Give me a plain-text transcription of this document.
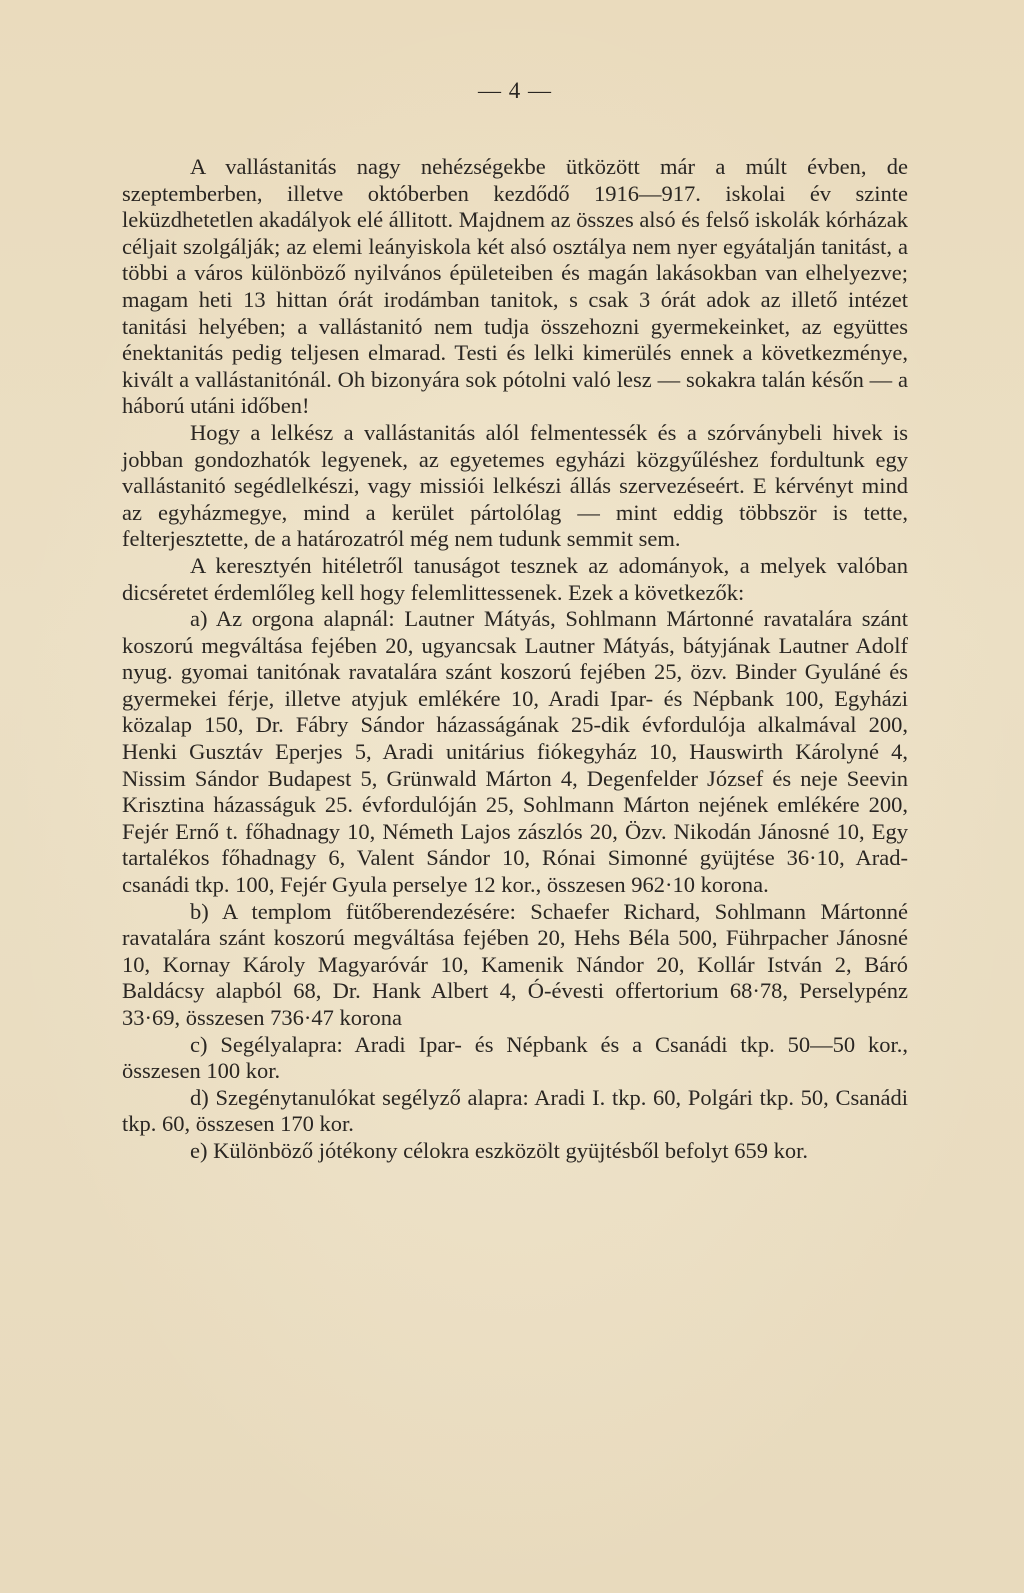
— 4 —

A vallástanitás nagy nehézségekbe ütközött már a múlt évben, de szeptemberben, illetve októberben kezdődő 1916—917. iskolai év szinte leküzdhetetlen akadályok elé állitott. Majdnem az összes alsó és felső iskolák kórházak céljait szolgálják; az elemi leányiskola két alsó osztálya nem nyer egyátalján tanitást, a többi a város különböző nyilvános épületeiben és magán lakásokban van elhelyezve; magam heti 13 hittan órát irodámban tanitok, s csak 3 órát adok az illető intézet tanitási helyében; a vallástanitó nem tudja összehozni gyermekeinket, az együttes énektanitás pedig teljesen elmarad. Testi és lelki kimerülés ennek a következménye, kivált a vallástanitónál. Oh bizonyára sok pótolni való lesz — sokakra talán későn — a háború utáni időben!

Hogy a lelkész a vallástanitás alól felmentessék és a szórványbeli hivek is jobban gondozhatók legyenek, az egyetemes egyházi közgyűléshez fordultunk egy vallástanitó segédlelkészi, vagy missiói lelkészi állás szervezéseért. E kérvényt mind az egyházmegye, mind a kerület pártolólag — mint eddig többször is tette, felterjesztette, de a határozatról még nem tudunk semmit sem.

A keresztyén hitéletről tanuságot tesznek az adományok, a melyek valóban dicséretet érdemlőleg kell hogy felemlittessenek. Ezek a következők:

a) Az orgona alapnál: Lautner Mátyás, Sohlmann Mártonné ravatalára szánt koszorú megváltása fejében 20, ugyancsak Lautner Mátyás, bátyjának Lautner Adolf nyug. gyomai tanitónak ravatalára szánt koszorú fejében 25, özv. Binder Gyuláné és gyermekei férje, illetve atyjuk emlékére 10, Aradi Ipar- és Népbank 100, Egyházi közalap 150, Dr. Fábry Sándor házasságának 25-dik évfordulója alkalmával 200, Henki Gusztáv Eperjes 5, Aradi unitárius fiókegyház 10, Hauswirth Károlyné 4, Nissim Sándor Budapest 5, Grünwald Márton 4, Degenfelder József és neje Seevin Krisztina házasságuk 25. évfordulóján 25, Sohlmann Márton nejének emlékére 200, Fejér Ernő t. főhadnagy 10, Németh Lajos zászlós 20, Özv. Nikodán Jánosné 10, Egy tartalékos főhadnagy 6, Valent Sándor 10, Rónai Simonné gyüjtése 36·10, Arad-csanádi tkp. 100, Fejér Gyula perselye 12 kor., összesen 962·10 korona.

b) A templom fütőberendezésére: Schaefer Richard, Sohlmann Mártonné ravatalára szánt koszorú megváltása fejében 20, Hehs Béla 500, Führpacher Jánosné 10, Kornay Károly Magyaróvár 10, Kamenik Nándor 20, Kollár István 2, Báró Baldácsy alapból 68, Dr. Hank Albert 4, Ó-évesti offertorium 68·78, Perselypénz 33·69, összesen 736·47 korona

c) Segélyalapra: Aradi Ipar- és Népbank és a Csanádi tkp. 50—50 kor., összesen 100 kor.

d) Szegénytanulókat segélyző alapra: Aradi I. tkp. 60, Polgári tkp. 50, Csanádi tkp. 60, összesen 170 kor.

e) Különböző jótékony célokra eszközölt gyüjtésből befolyt 659 kor.
